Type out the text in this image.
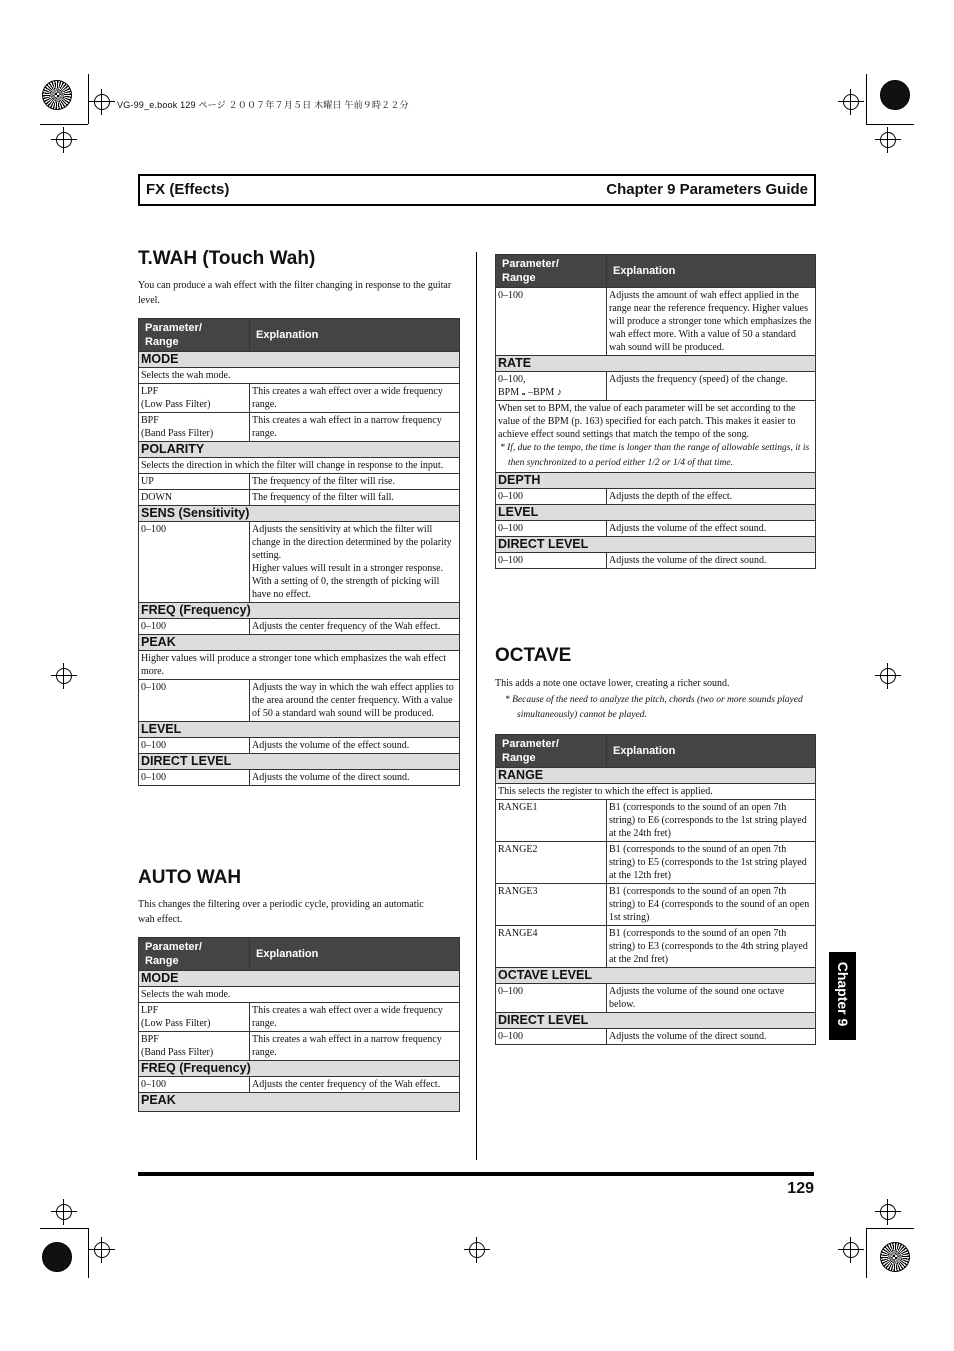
VG-99_e.book 129 ページ ２００７年７月５日 木曜日 午前９時２２分
FX (Effects)	Chapter 9 Parameters Guide
T.WAH (Touch Wah)

You can produce a wah effect with the filter changing in response to the guitar level.

Parameter/
Range	Explanation
MODE	
Selects the wah mode.	
LPF
(Low Pass Filter)	This creates a wah effect over a wide frequency range.
BPF
(Band Pass Filter)	This creates a wah effect in a narrow frequency range.
POLARITY	
Selects the direction in which the filter will change in response to the input.	
UP	The frequency of the filter will rise.
DOWN	The frequency of the filter will fall.
SENS (Sensitivity)	
0–100	Adjusts the sensitivity at which the filter will change in the direction determined by the polarity setting.
Higher values will result in a stronger response. With a setting of 0, the strength of picking will have no effect.
FREQ (Frequency)	
0–100	Adjusts the center frequency of the Wah effect.
PEAK	
Higher values will produce a stronger tone which emphasizes the wah effect more.	
0–100	Adjusts the way in which the wah effect applies to the area around the center frequency. With a value of 50 a standard wah sound will be produced.
LEVEL	
0–100	Adjusts the volume of the effect sound.
DIRECT LEVEL	
0–100	Adjusts the volume of the direct sound.
AUTO WAH

This changes the filtering over a periodic cycle, providing an automatic wah effect.

Parameter/
Range	Explanation
MODE	
Selects the wah mode.	
LPF
(Low Pass Filter)	This creates a wah effect over a wide frequency range.
BPF
(Band Pass Filter)	This creates a wah effect in a narrow frequency range.
FREQ (Frequency)	
0–100	Adjusts the center frequency of the Wah effect.
PEAK	
Parameter/
Range	Explanation
0–100	Adjusts the amount of wah effect applied in the range near the reference frequency. Higher values will produce a stronger tone which emphasizes the wah effect more. With a value of 50 a standard wah sound will be produced.
RATE	
0–100,
BPM 𝅝 –BPM ♪	Adjusts the frequency (speed) of the change.

When set to BPM, the value of each parameter will be set according to the value of the BPM (p. 163) specified for each patch. This makes it easier to achieve effect sound settings that match the tempo of the song.
* If, due to the tempo, the time is longer than the range of allowable settings, it is then synchronized to a period either 1/2 or 1/4 of that time.	

DEPTH	
0–100	Adjusts the depth of the effect.
LEVEL	
0–100	Adjusts the volume of the effect sound.
DIRECT LEVEL	
0–100	Adjusts the volume of the direct sound.
OCTAVE

This adds a note one octave lower, creating a richer sound.

* Because of the need to analyze the pitch, chords (two or more sounds played simultaneously) cannot be played.

Parameter/
Range	Explanation
RANGE	
This selects the register to which the effect is applied.	
RANGE1	B1 (corresponds to the sound of an open 7th string) to E6 (corresponds to the 1st string played at the 24th fret)
RANGE2	B1 (corresponds to the sound of an open 7th string) to E5 (corresponds to the 1st string played at the 12th fret)
RANGE3	B1 (corresponds to the sound of an open 7th string) to E4 (corresponds to the sound of an open 1st string)
RANGE4	B1 (corresponds to the sound of an open 7th string) to E3 (corresponds to the 4th string played at the 2nd fret)
OCTAVE LEVEL	
0–100	Adjusts the volume of the sound one octave below.
DIRECT LEVEL	
0–100	Adjusts the volume of the direct sound.
Chapter 9
129
